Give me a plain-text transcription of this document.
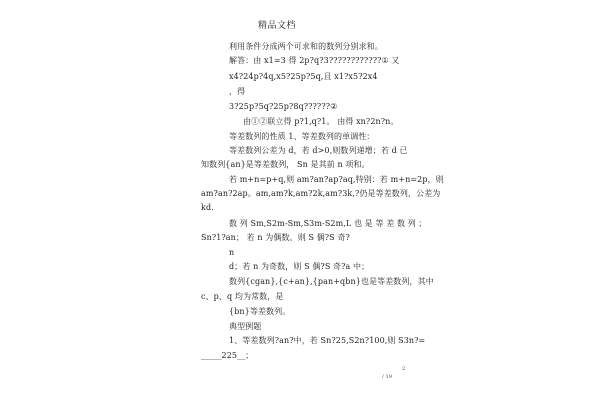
精品文档
利用条件分成两个可求和的数列分别求和。
解答：由 x1=3 得 2p?q?3????????????① 又
x4?24p?4q,x5?25p?5q,且 x1?x5?2x4
，得
3?25p?5q?25p?8q??????②
由①②联立得 p?1,q?1。 由得 xn?2n?n。
等差数列的性质 1、等差数列的单调性：
等差数列公差为 d，若 d>0,则数列递增；若 d 已
知数列{an}是等差数列， Sn 是其前 n 项和。
若 m+n=p+q,则 am?an?ap?aq,特别：若 m+n=2p，则
am?an?2ap。am,am?k,am?2k,am?3k,?仍是等差数列，公差为
kd.
数 列 Sm,S2m-Sm,S3m-S2m,L 也 是 等 差 数 列 ；
Sn?1?an； 若 n 为偶数，则 S 偶?S 奇?
n
d；若 n 为奇数，则 S 偶?S 奇?a 中；
数列{cgan},{c+an},{pan+qbn}也是等差数列，其中
c、p、q 均为常数，是
{bn}等差数列。
典型例题
1、等差数列?an?中，若 Sn?25,S2n?100,则 S3n?=
_____225__；
/ 19
2
